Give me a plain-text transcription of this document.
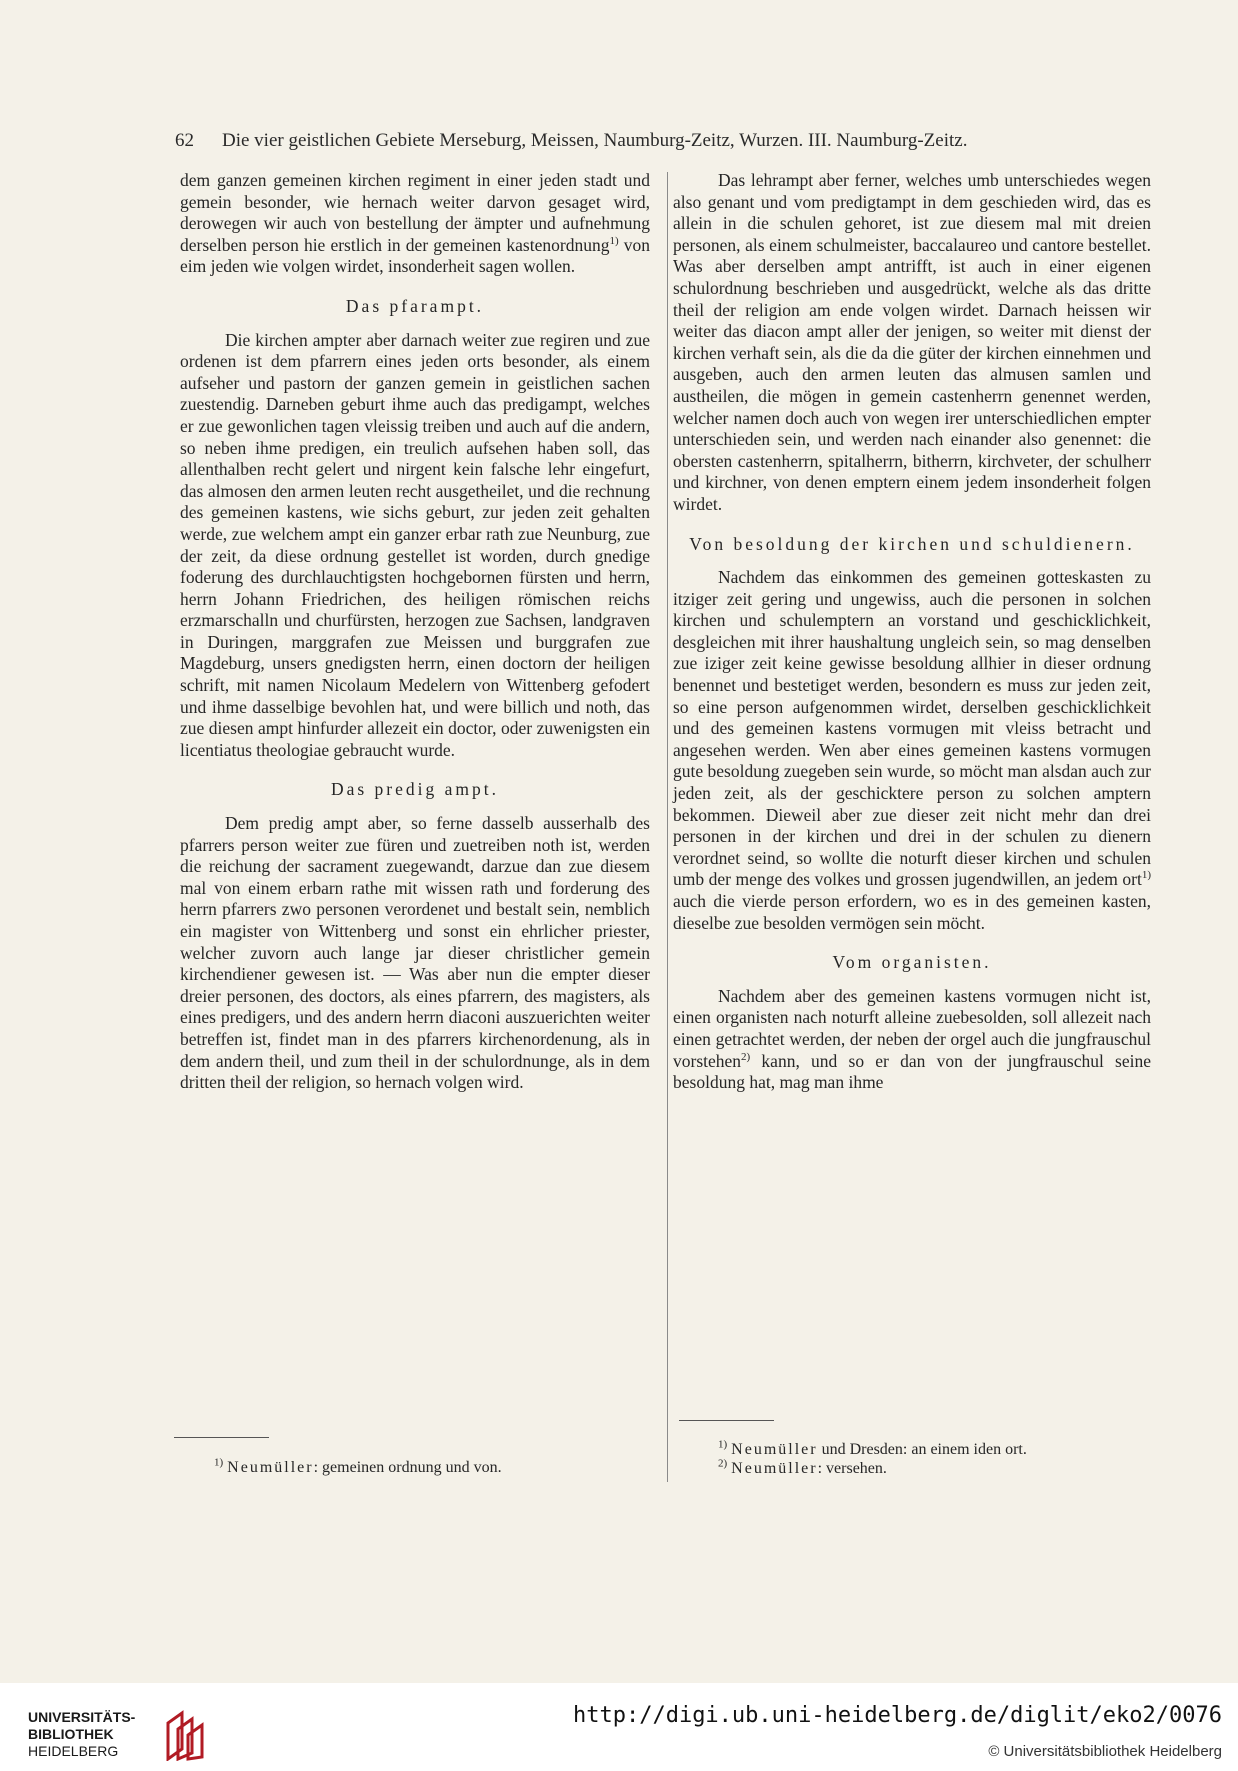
62 Die vier geistlichen Gebiete Merseburg, Meissen, Naumburg-Zeitz, Wurzen. III. Naumburg-Zeitz.

dem ganzen gemeinen kirchen regiment in einer jeden stadt und gemein besonder, wie hernach weiter darvon gesaget wird, derowegen wir auch von bestellung der ämpter und aufnehmung derselben person hie erstlich in der gemeinen kastenordnung$^{1)}$ von eim jeden wie volgen wirdet, insonderheit sagen wollen.

Das pfarampt.

Die kirchen ampter aber darnach weiter zue regiren und zue ordenen ist dem pfarrern eines jeden orts besonder, als einem aufseher und pastorn der ganzen gemein in geistlichen sachen zuestendig. Darneben geburt ihme auch das predigampt, welches er zue gewonlichen tagen vleissig treiben und auch auf die andern, so neben ihme predigen, ein treulich aufsehen haben soll, das allenthalben recht gelert und nirgent kein falsche lehr eingefurt, das almosen den armen leuten recht ausgetheilet, und die rechnung des gemeinen kastens, wie sichs geburt, zur jeden zeit gehalten werde, zue welchem ampt ein ganzer erbar rath zue Neunburg, zue der zeit, da diese ordnung gestellet ist worden, durch gnedige foderung des durchlauchtigsten hochgebornen fürsten und herrn, herrn Johann Friedrichen, des heiligen römischen reichs erzmarschalln und churfürsten, herzogen zue Sachsen, landgraven in Duringen, marggrafen zue Meissen und burggrafen zue Magdeburg, unsers gnedigsten herrn, einen doctorn der heiligen schrift, mit namen Nicolaum Medelern von Wittenberg gefodert und ihme dasselbige bevohlen hat, und were billich und noth, das zue diesen ampt hinfurder allezeit ein doctor, oder zuwenigsten ein licentiatus theologiae gebraucht wurde.

Das predig ampt.

Dem predig ampt aber, so ferne dasselb ausserhalb des pfarrers person weiter zue füren und zuetreiben noth ist, werden die reichung der sacrament zuegewandt, darzue dan zue diesem mal von einem erbarn rathe mit wissen rath und forderung des herrn pfarrers zwo personen verordenet und bestalt sein, nemblich ein magister von Wittenberg und sonst ein ehrlicher priester, welcher zuvorn auch lange jar dieser christlicher gemein kirchendiener gewesen ist. — Was aber nun die empter dieser dreier personen, des doctors, als eines pfarrern, des magisters, als eines predigers, und des andern herrn diaconi auszuerichten weiter betreffen ist, findet man in des pfarrers kirchenordenung, als in dem andern theil, und zum theil in der schulordnunge, als in dem dritten theil der religion, so hernach volgen wird.

Das lehrampt aber ferner, welches umb unterschiedes wegen also genant und vom predigtampt in dem geschieden wird, das es allein in die schulen gehoret, ist zue diesem mal mit dreien personen, als einem schulmeister, baccalaureo und cantore bestellet. Was aber derselben ampt antrifft, ist auch in einer eigenen schulordnung beschrieben und ausgedrückt, welche als das dritte theil der religion am ende volgen wirdet. Darnach heissen wir weiter das diacon ampt aller der jenigen, so weiter mit dienst der kirchen verhaft sein, als die da die güter der kirchen einnehmen und ausgeben, auch den armen leuten das almusen samlen und austheilen, die mögen in gemein castenherrn genennet werden, welcher namen doch auch von wegen irer unterschiedlichen empter unterschieden sein, und werden nach einander also genennet: die obersten castenherrn, spitalherrn, bitherrn, kirchveter, der schulherr und kirchner, von denen emptern einem jedem insonderheit folgen wirdet.

Von besoldung der kirchen und schuldienern.

Nachdem das einkommen des gemeinen gotteskasten zu itziger zeit gering und ungewiss, auch die personen in solchen kirchen und schulemptern an vorstand und geschicklichkeit, desgleichen mit ihrer haushaltung ungleich sein, so mag denselben zue iziger zeit keine gewisse besoldung allhier in dieser ordnung benennet und bestetiget werden, besondern es muss zur jeden zeit, so eine person aufgenommen wirdet, derselben geschicklichkeit und des gemeinen kastens vormugen mit vleiss betracht und angesehen werden. Wen aber eines gemeinen kastens vormugen gute besoldung zuegeben sein wurde, so möcht man alsdan auch zur jeden zeit, als der geschicktere person zu solchen amptern bekommen. Dieweil aber zue dieser zeit nicht mehr dan drei personen in der kirchen und drei in der schulen zu dienern verordnet seind, so wollte die noturft dieser kirchen und schulen umb der menge des volkes und grossen jugendwillen, an jedem ort$^{1)}$ auch die vierde person erfordern, wo es in des gemeinen kasten, dieselbe zue besolden vermögen sein möcht.

Vom organisten.

Nachdem aber des gemeinen kastens vormugen nicht ist, einen organisten nach noturft alleine zuebesolden, soll allezeit nach einen getrachtet werden, der neben der orgel auch die jungfrauschul vorstehen$^{2)}$ kann, und so er dan von der jungfrauschul seine besoldung hat, mag man ihme

$^{1)}$ Neumüller: gemeinen ordnung und von.
$^{1)}$ Neumüller und Dresden: an einem iden ort.
$^{2)}$ Neumüller: versehen.
UNIVERSITÄTS-
BIBLIOTHEK
HEIDELBERG
http://digi.ub.uni-heidelberg.de/diglit/eko2/0076
© Universitätsbibliothek Heidelberg
